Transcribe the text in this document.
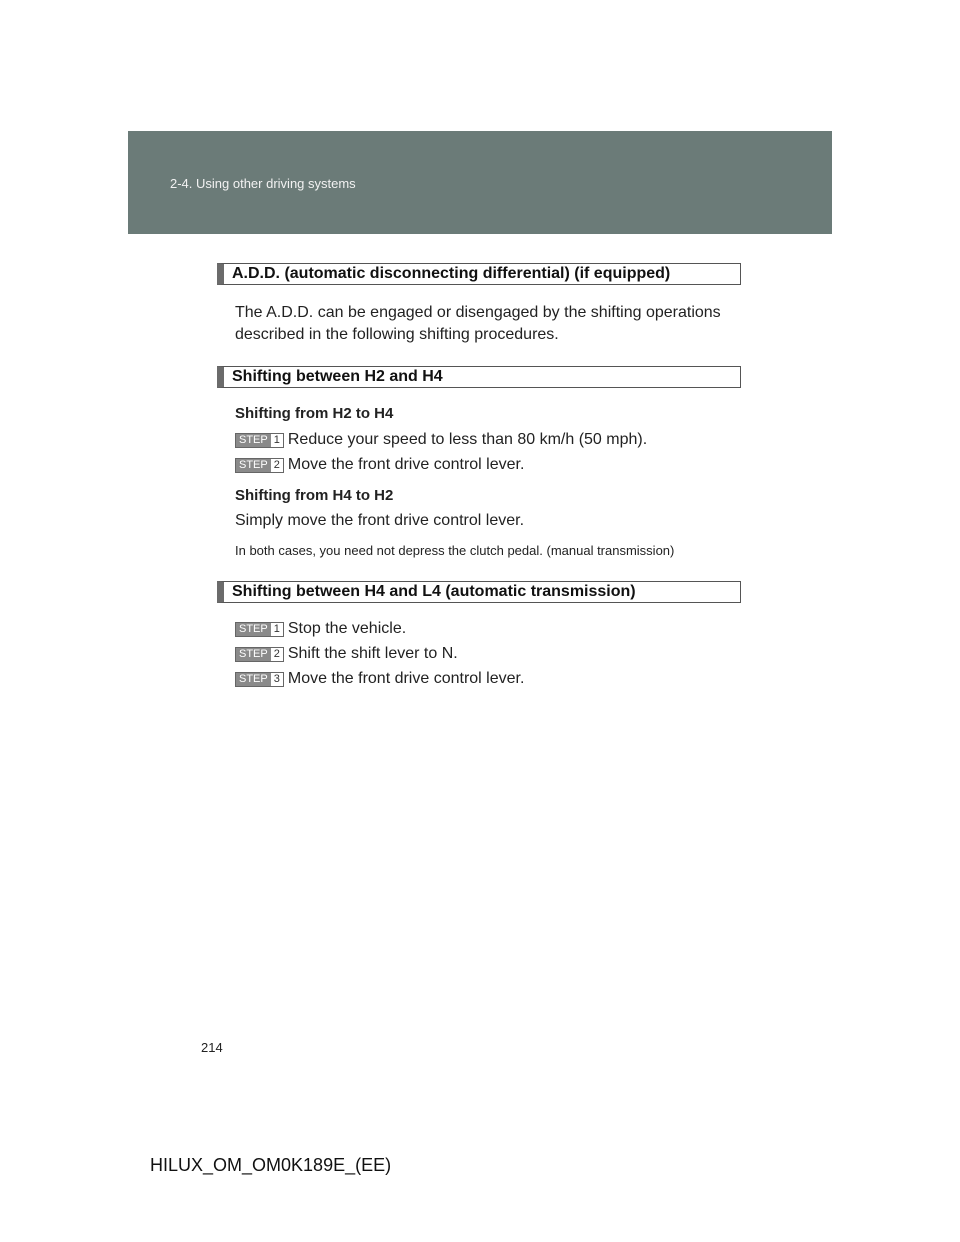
2-4. Using other driving systems
A.D.D. (automatic disconnecting differential) (if equipped)
The A.D.D. can be engaged or disengaged by the shifting operations
described in the following shifting procedures.
Shifting between H2 and H4
Shifting from H2 to H4
STEP 1 Reduce your speed to less than 80 km/h (50 mph).
STEP 2 Move the front drive control lever.
Shifting from H4 to H2
Simply move the front drive control lever.
In both cases, you need not depress the clutch pedal. (manual transmission)
Shifting between H4 and L4 (automatic transmission)
STEP 1 Stop the vehicle.
STEP 2 Shift the shift lever to N.
STEP 3 Move the front drive control lever.
214
HILUX_OM_OM0K189E_(EE)
